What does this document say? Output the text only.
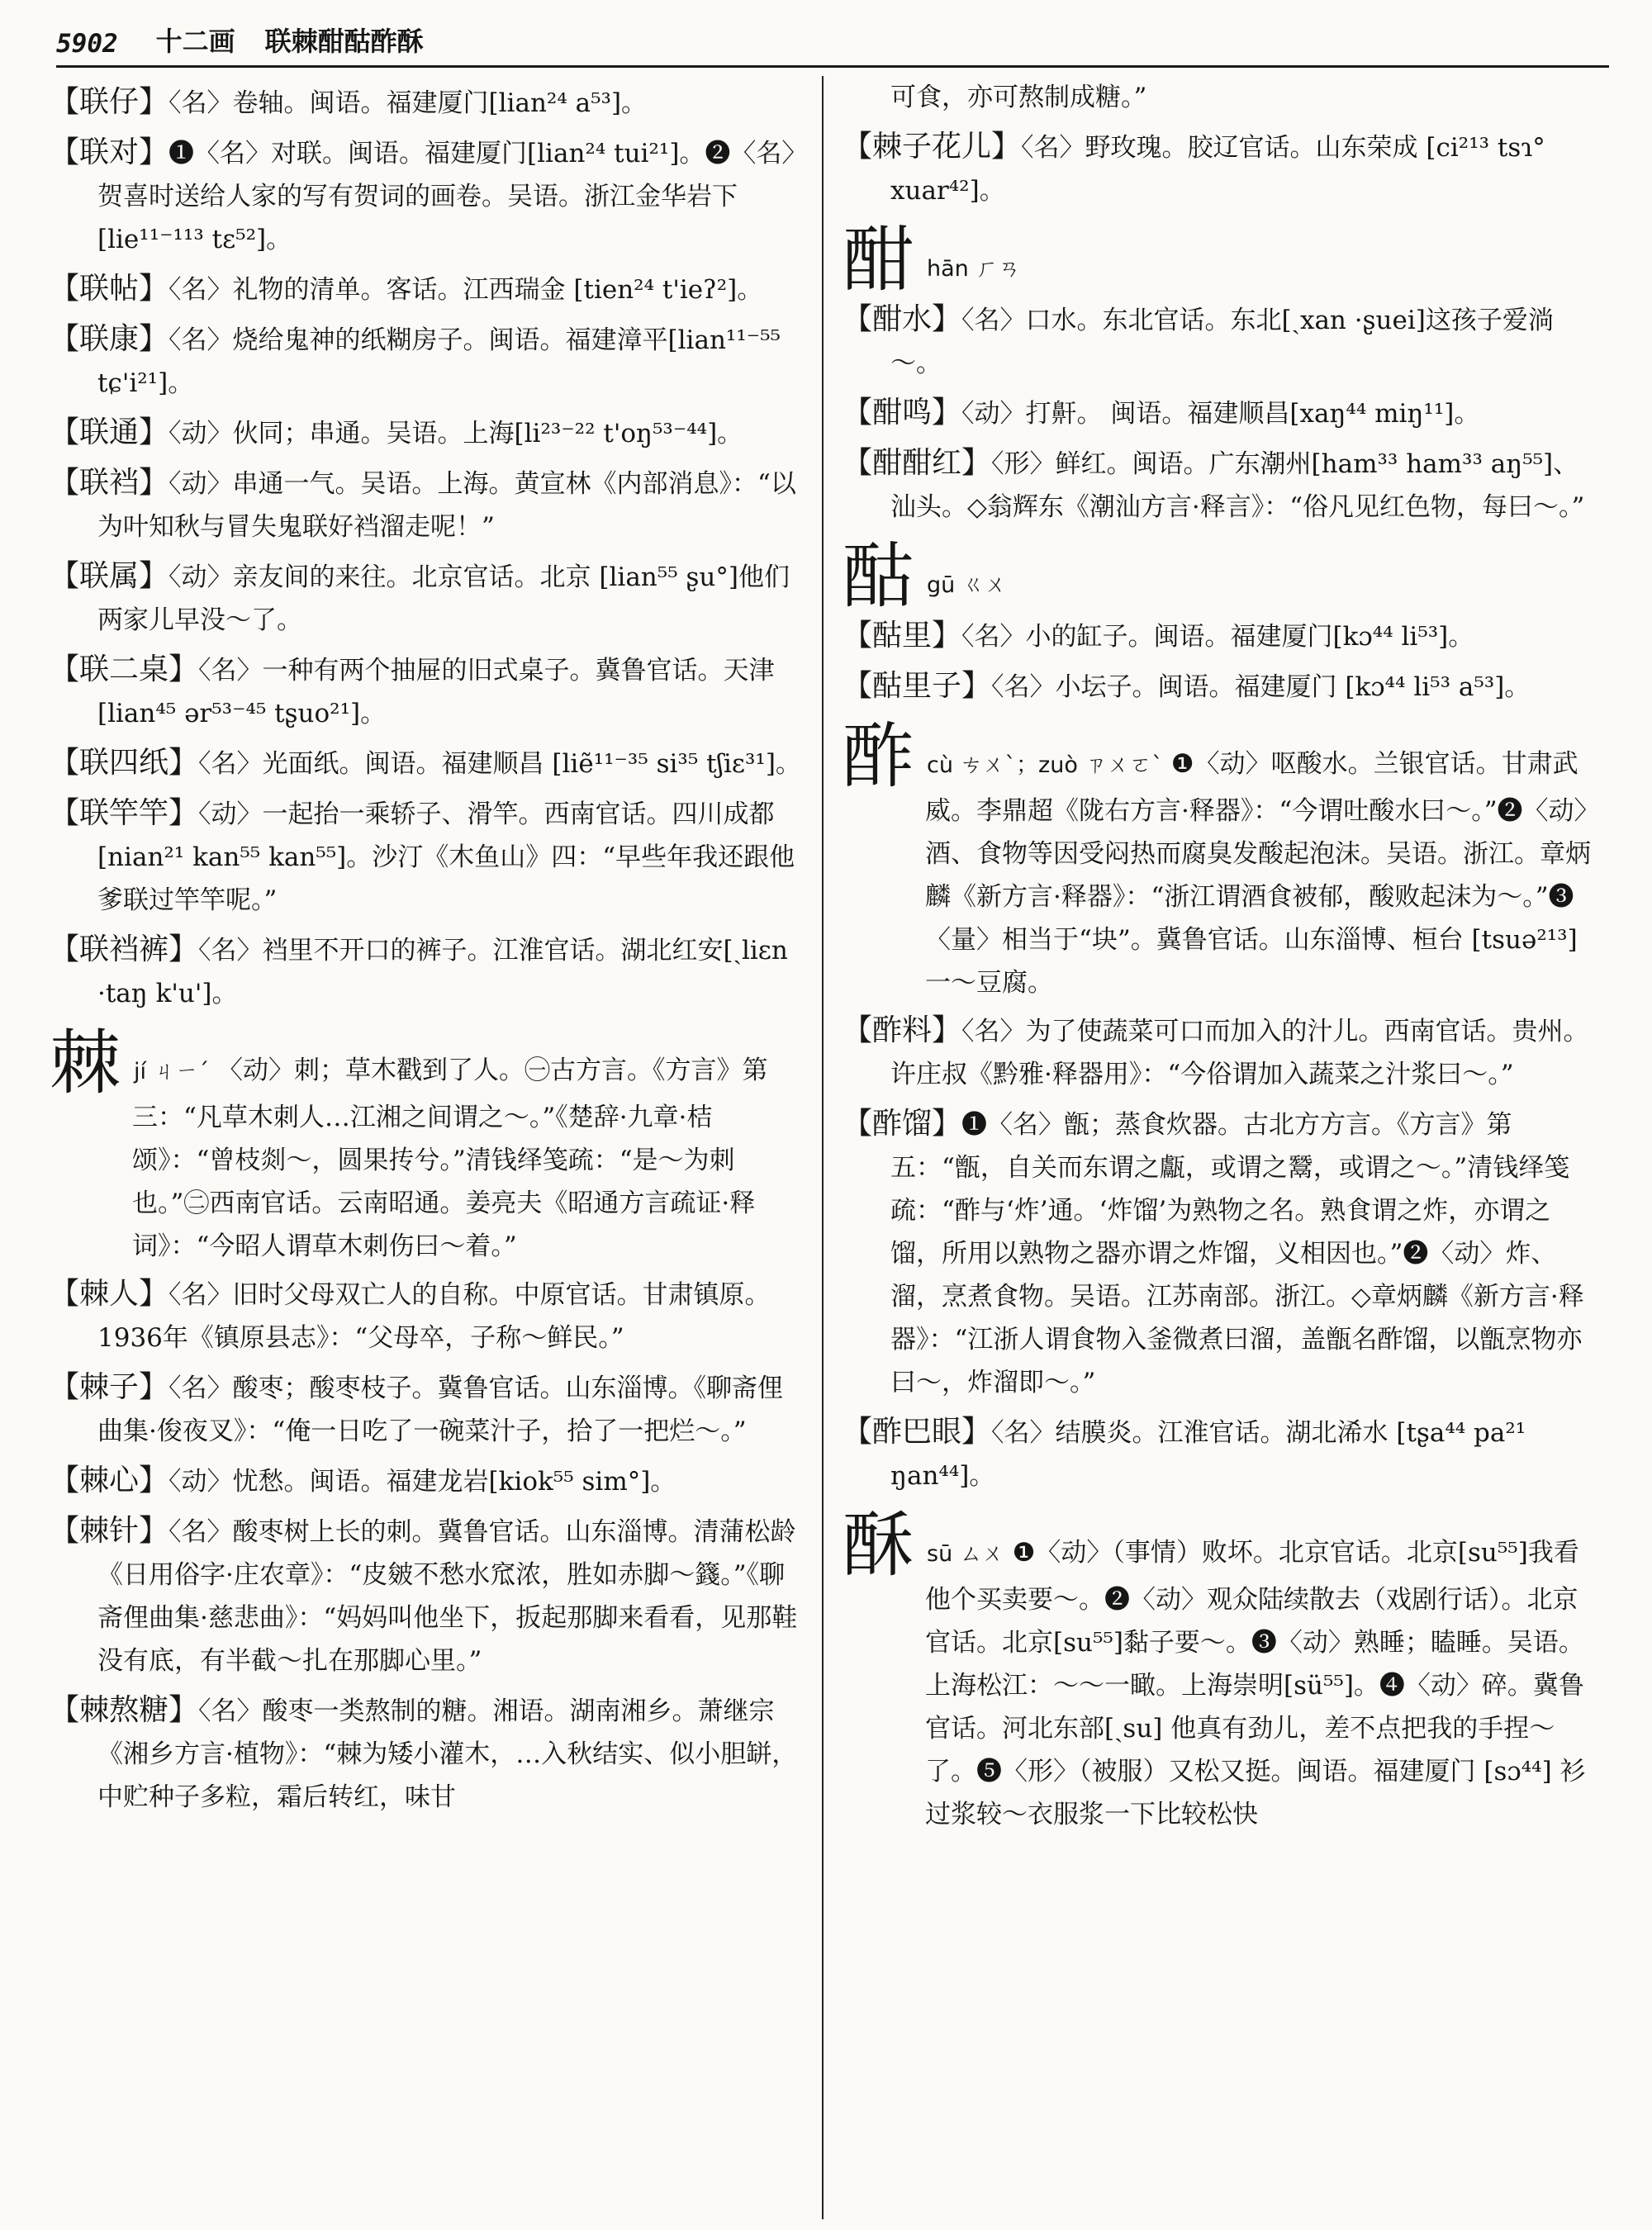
5902 十二画 联棘酣酤酢酥
【联仔】〈名〉卷轴。闽语。福建厦门[lian²⁴ a⁵³]。
【联对】❶〈名〉对联。闽语。福建厦门[lian²⁴ tui²¹]。❷〈名〉贺喜时送给人家的写有贺词的画卷。吴语。浙江金华岩下[lie¹¹⁻¹¹³ tɛ⁵²]。
【联帖】〈名〉礼物的清单。客话。江西瑞金 [tien²⁴ t'ieʔ²]。
【联康】〈名〉烧给鬼神的纸糊房子。闽语。福建漳平[lian¹¹⁻⁵⁵ tɕ'i²¹]。
【联通】〈动〉伙同；串通。吴语。上海[li²³⁻²² t'oŋ⁵³⁻⁴⁴]。
【联裆】〈动〉串通一气。吴语。上海。黄宣林《内部消息》：“以为叶知秋与冒失鬼联好裆溜走呢！”
【联属】〈动〉亲友间的来往。北京官话。北京 [lian⁵⁵ ʂu°]他们两家儿早没～了。
【联二桌】〈名〉一种有两个抽屉的旧式桌子。冀鲁官话。天津[lian⁴⁵ ər⁵³⁻⁴⁵ tʂuo²¹]。
【联四纸】〈名〉光面纸。闽语。福建顺昌 [liẽ¹¹⁻³⁵ si³⁵ tʃiɛ³¹]。
【联竿竿】〈动〉一起抬一乘轿子、滑竿。西南官话。四川成都[nian²¹ kan⁵⁵ kan⁵⁵]。沙汀《木鱼山》四：“早些年我还跟他爹联过竿竿呢。”
【联裆裤】〈名〉裆里不开口的裤子。江淮官话。湖北红安[ˏliɛn ·taŋ k'u']。
棘jí ㄐㄧˊ 〈动〉刺；草木戳到了人。㊀古方言。《方言》第三：“凡草木刺人…江湘之间谓之～。”《楚辞·九章·桔颂》：“曾枝剡～，圆果抟兮。”清钱绎笺疏：“是～为刺也。”㊁西南官话。云南昭通。姜亮夫《昭通方言疏证·释词》：“今昭人谓草木刺伤曰～着。”
【棘人】〈名〉旧时父母双亡人的自称。中原官话。甘肃镇原。1936年《镇原县志》：“父母卒，子称～鲜民。”
【棘子】〈名〉酸枣；酸枣枝子。冀鲁官话。山东淄博。《聊斋俚曲集·俊夜叉》：“俺一日吃了一碗菜汁子，拾了一把烂～。”
【棘心】〈动〉忧愁。闽语。福建龙岩[kiok⁵⁵ sim°]。
【棘针】〈名〉酸枣树上长的刺。冀鲁官话。山东淄博。清蒲松龄《日用俗字·庄农章》：“皮皴不愁水窊浓，胜如赤脚～籛。”《聊斋俚曲集·慈悲曲》：“妈妈叫他坐下，扳起那脚来看看，见那鞋没有底，有半截～扎在那脚心里。”
【棘熬糖】〈名〉酸枣一类熬制的糖。湘语。湖南湘乡。萧继宗《湘乡方言·植物》：“棘为矮小灌木，…入秋结实、似小胆缾，中贮种子多粒，霜后转红，味甘
可食，亦可熬制成糖。”
【棘子花儿】〈名〉野玫瑰。胶辽官话。山东荣成 [ci²¹³ tsɿ° xuar⁴²]。
酣hān ㄏㄢ
【酣水】〈名〉口水。东北官话。东北[ˏxan ·ʂuei]这孩子爱淌～。
【酣鸣】〈动〉打鼾。 闽语。福建顺昌[xaŋ⁴⁴ miŋ¹¹]。
【酣酣红】〈形〉鲜红。闽语。广东潮州[ham³³ ham³³ aŋ⁵⁵]、汕头。◇翁辉东《潮汕方言·释言》：“俗凡见红色物，每曰～。”
酤gū ㄍㄨ
【酤里】〈名〉小的缸子。闽语。福建厦门[kɔ⁴⁴ li⁵³]。
【酤里子】〈名〉小坛子。闽语。福建厦门 [kɔ⁴⁴ li⁵³ a⁵³]。
酢cù ㄘㄨˋ；zuò ㄗㄨㄛˋ ❶〈动〉呕酸水。兰银官话。甘肃武威。李鼎超《陇右方言·释器》：“今谓吐酸水曰～。”❷〈动〉酒、食物等因受闷热而腐臭发酸起泡沫。吴语。浙江。章炳麟《新方言·释器》：“浙江谓酒食被郁，酸败起沫为～。”❸〈量〉相当于“块”。冀鲁官话。山东淄博、桓台 [tsuə²¹³] 一～豆腐。
【酢料】〈名〉为了使蔬菜可口而加入的汁儿。西南官话。贵州。许庄叔《黔雅·释器用》：“今俗谓加入蔬菜之汁浆曰～。”
【酢馏】❶〈名〉甑；蒸食炊器。古北方方言。《方言》第五：“甑，自关而东谓之甗，或谓之鬵，或谓之～。”清钱绎笺疏：“酢与‘炸’通。‘炸馏’为熟物之名。熟食谓之炸，亦谓之馏，所用以熟物之器亦谓之炸馏，义相因也。”❷〈动〉炸、溜，烹煮食物。吴语。江苏南部。浙江。◇章炳麟《新方言·释器》：“江浙人谓食物入釜微煮曰溜，盖甑名酢馏，以甑烹物亦曰～，炸溜即～。”
【酢巴眼】〈名〉结膜炎。江淮官话。湖北浠水 [tʂa⁴⁴ pa²¹ ŋan⁴⁴]。
酥sū ㄙㄨ ❶〈动〉（事情）败坏。北京官话。北京[su⁵⁵]我看他个买卖要～。❷〈动〉观众陆续散去（戏剧行话）。北京官话。北京[su⁵⁵]黏子要～。❸〈动〉熟睡；瞌睡。吴语。上海松江：～～一瞰。上海崇明[sü⁵⁵]。❹〈动〉碎。冀鲁官话。河北东部[ˏsu] 他真有劲儿，差不点把我的手捏～了。❺〈形〉（被服）又松又挺。闽语。福建厦门 [sɔ⁴⁴] 衫过浆较～衣服浆一下比较松快
